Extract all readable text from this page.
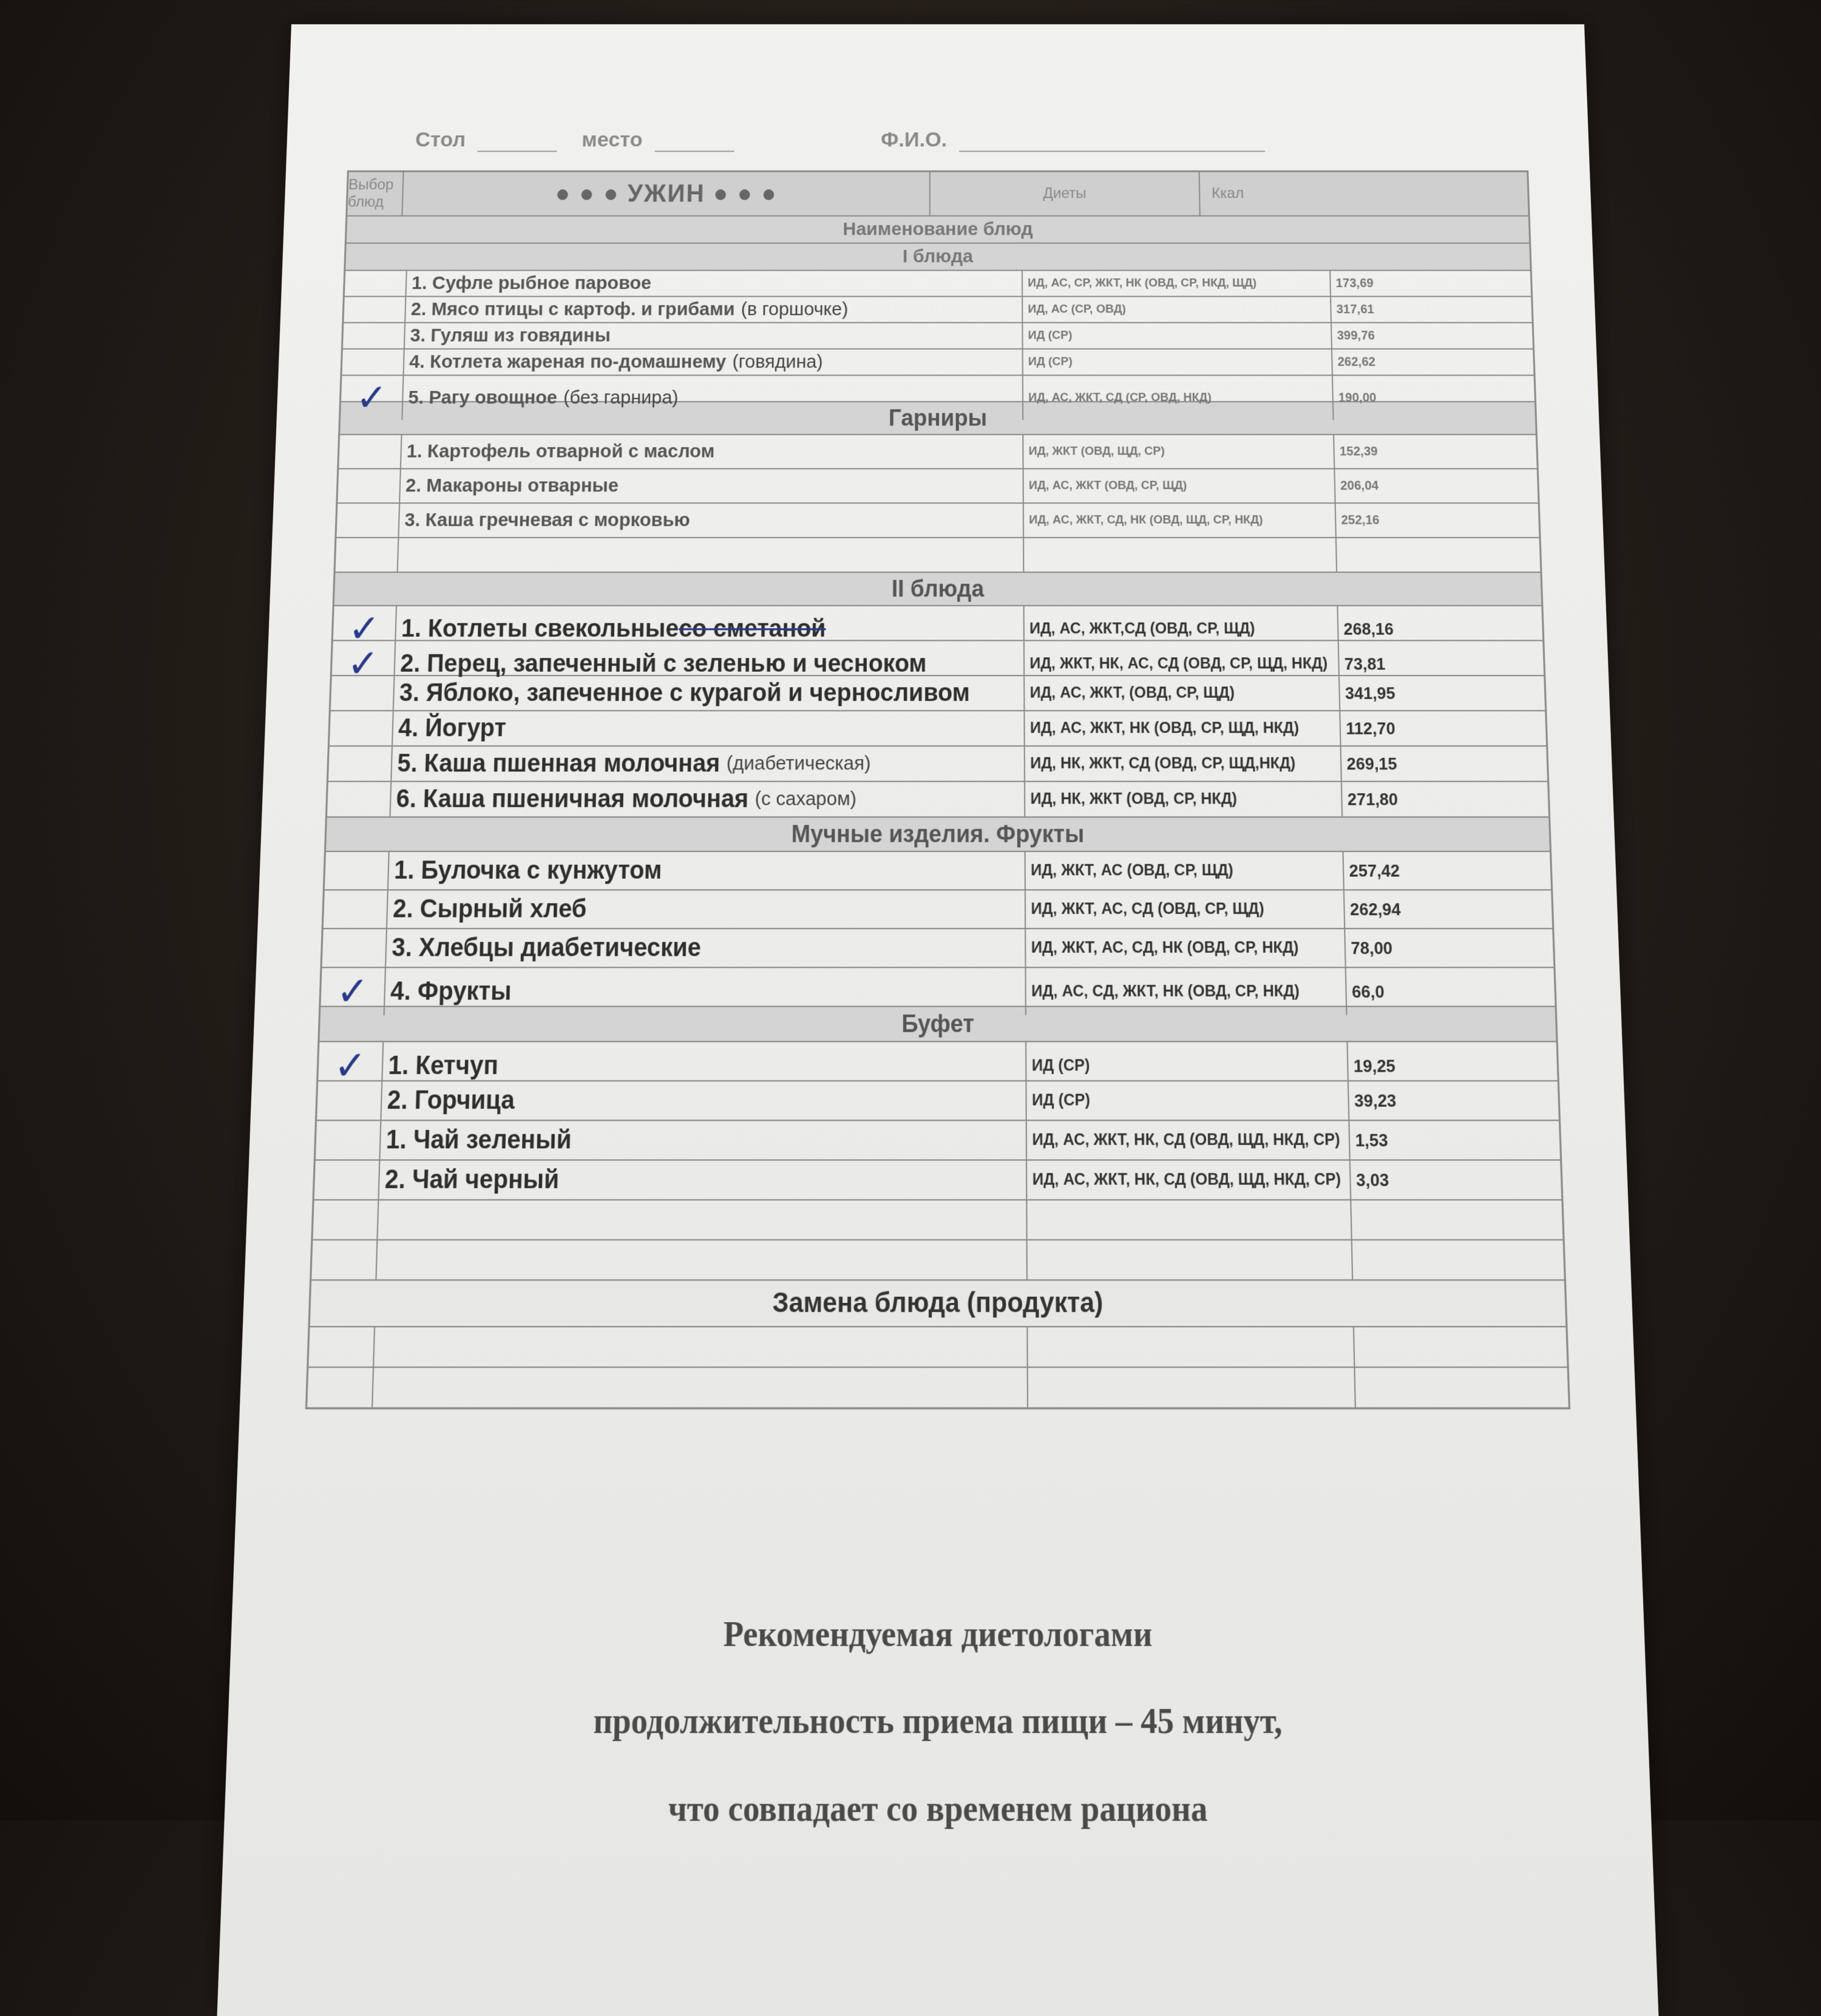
Стол	место	Ф.И.О.
Выбор блюд	● ● ● УЖИН ● ● ●	Диеты	Ккал
Наименование блюд
I блюда
1. Суфле рыбное паровое	ИД, АС, СР, ЖКТ, НК (ОВД, СР, НКД, ЩД)	173,69
2. Мясо птицы с картоф. и грибами (в горшочке)	ИД, АС (СР, ОВД)	317,61
3. Гуляш из говядины	ИД (СР)	399,76
4. Котлета жареная по-домашнему (говядина)	ИД (СР)	262,62
✓	5. Рагу овощное (без гарнира)	ИД, АС, ЖКТ, СД (СР, ОВД, НКД)	190,00
Гарниры
1. Картофель отварной с маслом	ИД, ЖКТ (ОВД, ЩД, СР)	152,39
2. Макароны отварные	ИД, АС, ЖКТ (ОВД, СР, ЩД)	206,04
3. Каша гречневая с морковью	ИД, АС, ЖКТ, СД, НК (ОВД, ЩД, СР, НКД)	252,16
II блюда
✓ 1. Котлеты свекольные со сметаной	ИД, АС, ЖКТ,СД (ОВД, СР, ЩД)	268,16
✓ 2. Перец, запеченный с зеленью и чесноком	ИД, ЖКТ, НК, АС, СД (ОВД, СР, ЩД, НКД)	73,81
3. Яблоко, запеченное с курагой и черносливом	ИД, АС, ЖКТ, (ОВД, СР, ЩД)	341,95
4. Йогурт	ИД, АС, ЖКТ, НК (ОВД, СР, ЩД, НКД)	112,70
5. Каша пшенная молочная (диабетическая)	ИД, НК, ЖКТ, СД (ОВД, СР, ЩД,НКД)	269,15
6. Каша пшеничная молочная (с сахаром)	ИД, НК, ЖКТ (ОВД, СР, НКД)	271,80
Мучные изделия. Фрукты
1. Булочка с кунжутом	ИД, ЖКТ, АС (ОВД, СР, ЩД)	257,42
2. Сырный хлеб	ИД, ЖКТ, АС, СД (ОВД, СР, ЩД)	262,94
3. Хлебцы диабетические	ИД, ЖКТ, АС, СД, НК (ОВД, СР, НКД)	78,00
✓ 4. Фрукты	ИД, АС, СД, ЖКТ, НК (ОВД, СР, НКД)	66,0
Буфет
✓ 1. Кетчуп	ИД (СР)	19,25
2. Горчица	ИД (СР)	39,23
1. Чай зеленый	ИД, АС, ЖКТ, НК, СД (ОВД, ЩД, НКД, СР) 1,53
2. Чай черный	ИД, АС, ЖКТ, НК, СД (ОВД, ЩД, НКД, СР) 3,03
Замена блюда (продукта)
Рекомендуемая диетологами
продолжительность приема пищи – 45 минут,
что совпадает со временем рациона
